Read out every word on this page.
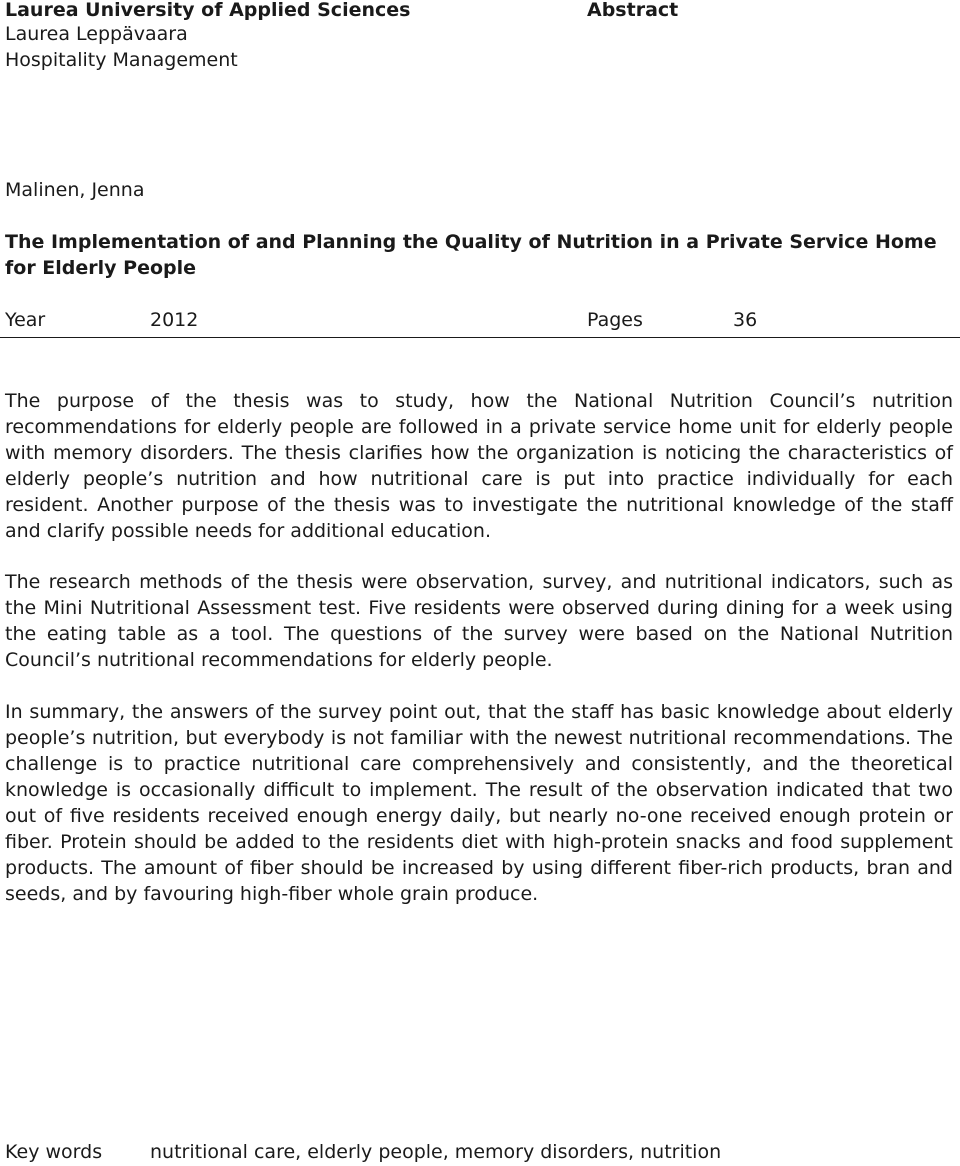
Laurea University of Applied Sciences
Laurea Leppävaara
Hospitality Management
Abstract
Malinen, Jenna
The Implementation of and Planning the Quality of Nutrition in a Private Service Home for Elderly People
Year	2012	Pages	36
The purpose of the thesis was to study, how the National Nutrition Council’s nutrition recommendations for elderly people are followed in a private service home unit for elderly people with memory disorders. The thesis clarifies how the organization is noticing the characteristics of elderly people’s nutrition and how nutritional care is put into practice individually for each resident. Another purpose of the thesis was to investigate the nutritional knowledge of the staff and clarify possible needs for additional education.
The research methods of the thesis were observation, survey, and nutritional indicators, such as the Mini Nutritional Assessment test. Five residents were observed during dining for a week using the eating table as a tool. The questions of the survey were based on the National Nutrition Council’s nutritional recommendations for elderly people.
In summary, the answers of the survey point out, that the staff has basic knowledge about elderly people’s nutrition, but everybody is not familiar with the newest nutritional recommendations. The challenge is to practice nutritional care comprehensively and consistently, and the theoretical knowledge is occasionally difficult to implement. The result of the observation indicated that two out of five residents received enough energy daily, but nearly no-one received enough protein or fiber. Protein should be added to the residents diet with high-protein snacks and food supplement products. The amount of fiber should be increased by using different fiber-rich products, bran and seeds, and by favouring high-fiber whole grain produce.
Key words	nutritional care, elderly people, memory disorders, nutrition
